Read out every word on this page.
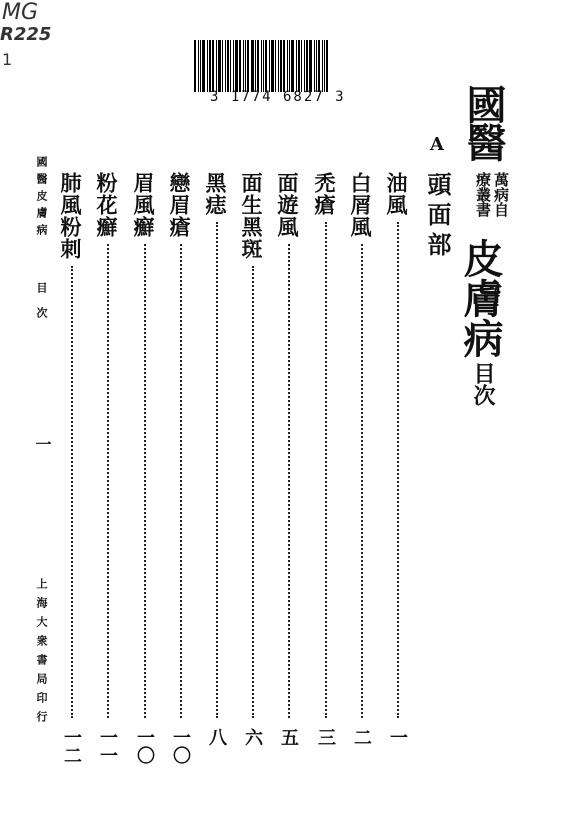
MG
R225
1
3 1774 6827 3	國醫
萬病自
療叢書
皮膚病
目次
A
頭面部
油風
一
白屑風
二
禿瘡
三
面遊風
五
面生黑斑
六
黑痣
八
戀眉瘡
一〇
眉風癬
一〇
粉花癬
一一
肺風粉刺
一二
國醫皮膚病
目次
一
上海大衆書局印行
